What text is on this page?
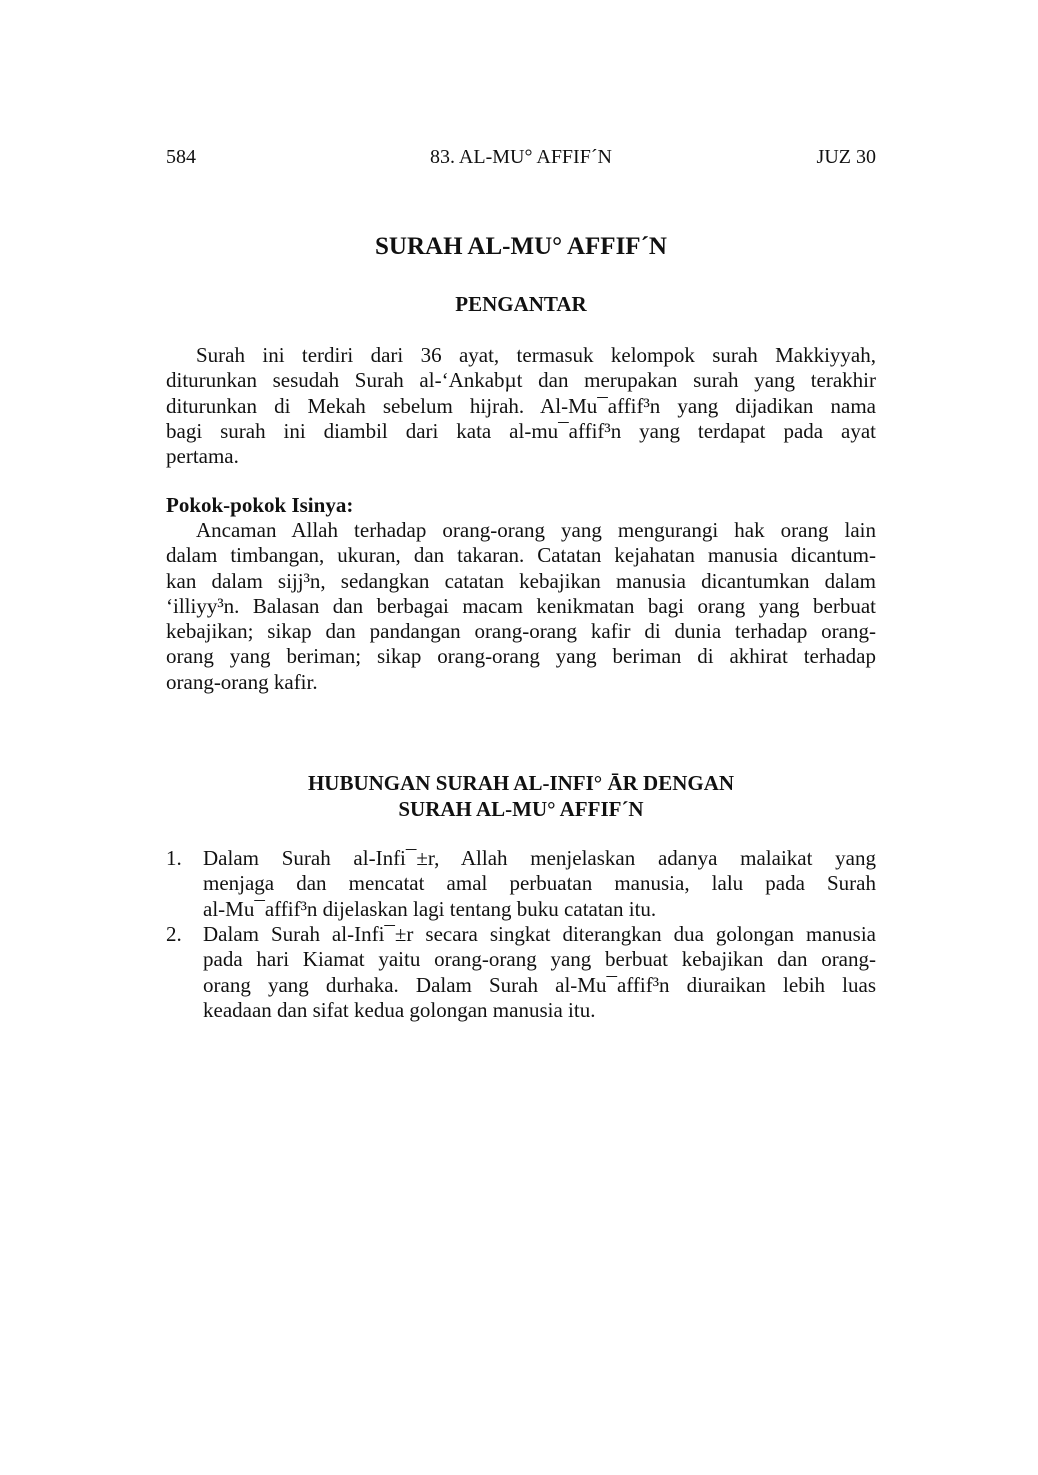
584	83. AL-MU° AFFIF´N	JUZ 30
SURAH AL-MU° AFFIF´N
PENGANTAR
Surah ini terdiri dari 36 ayat, termasuk kelompok surah Makkiyyah,
diturunkan sesudah Surah al-‘Ankabµt dan merupakan surah yang terakhir
diturunkan di Mekah sebelum hijrah. Al-Mu¯affif³n yang dijadikan nama
bagi surah ini diambil dari kata al-mu¯affif³n yang terdapat pada ayat
pertama.
Pokok-pokok Isinya:
Ancaman Allah terhadap orang-orang yang mengurangi hak orang lain
dalam timbangan, ukuran, dan takaran. Catatan kejahatan manusia dicantum-
kan dalam sijj³n, sedangkan catatan kebajikan manusia dicantumkan dalam
‘illiyy³n. Balasan dan berbagai macam kenikmatan bagi orang yang berbuat
kebajikan; sikap dan pandangan orang-orang kafir di dunia terhadap orang-
orang yang beriman; sikap orang-orang yang beriman di akhirat terhadap
orang-orang kafir.
HUBUNGAN SURAH AL-INFI° ĀR DENGAN
SURAH AL-MU° AFFIF´N
1. Dalam Surah al-Infi¯±r, Allah menjelaskan adanya malaikat yang
menjaga dan mencatat amal perbuatan manusia, lalu pada Surah
al-Mu¯affif³n dijelaskan lagi tentang buku catatan itu.
2. Dalam Surah al-Infi¯±r secara singkat diterangkan dua golongan manusia
pada hari Kiamat yaitu orang-orang yang berbuat kebajikan dan orang-
orang yang durhaka. Dalam Surah al-Mu¯affif³n diuraikan lebih luas
keadaan dan sifat kedua golongan manusia itu.
